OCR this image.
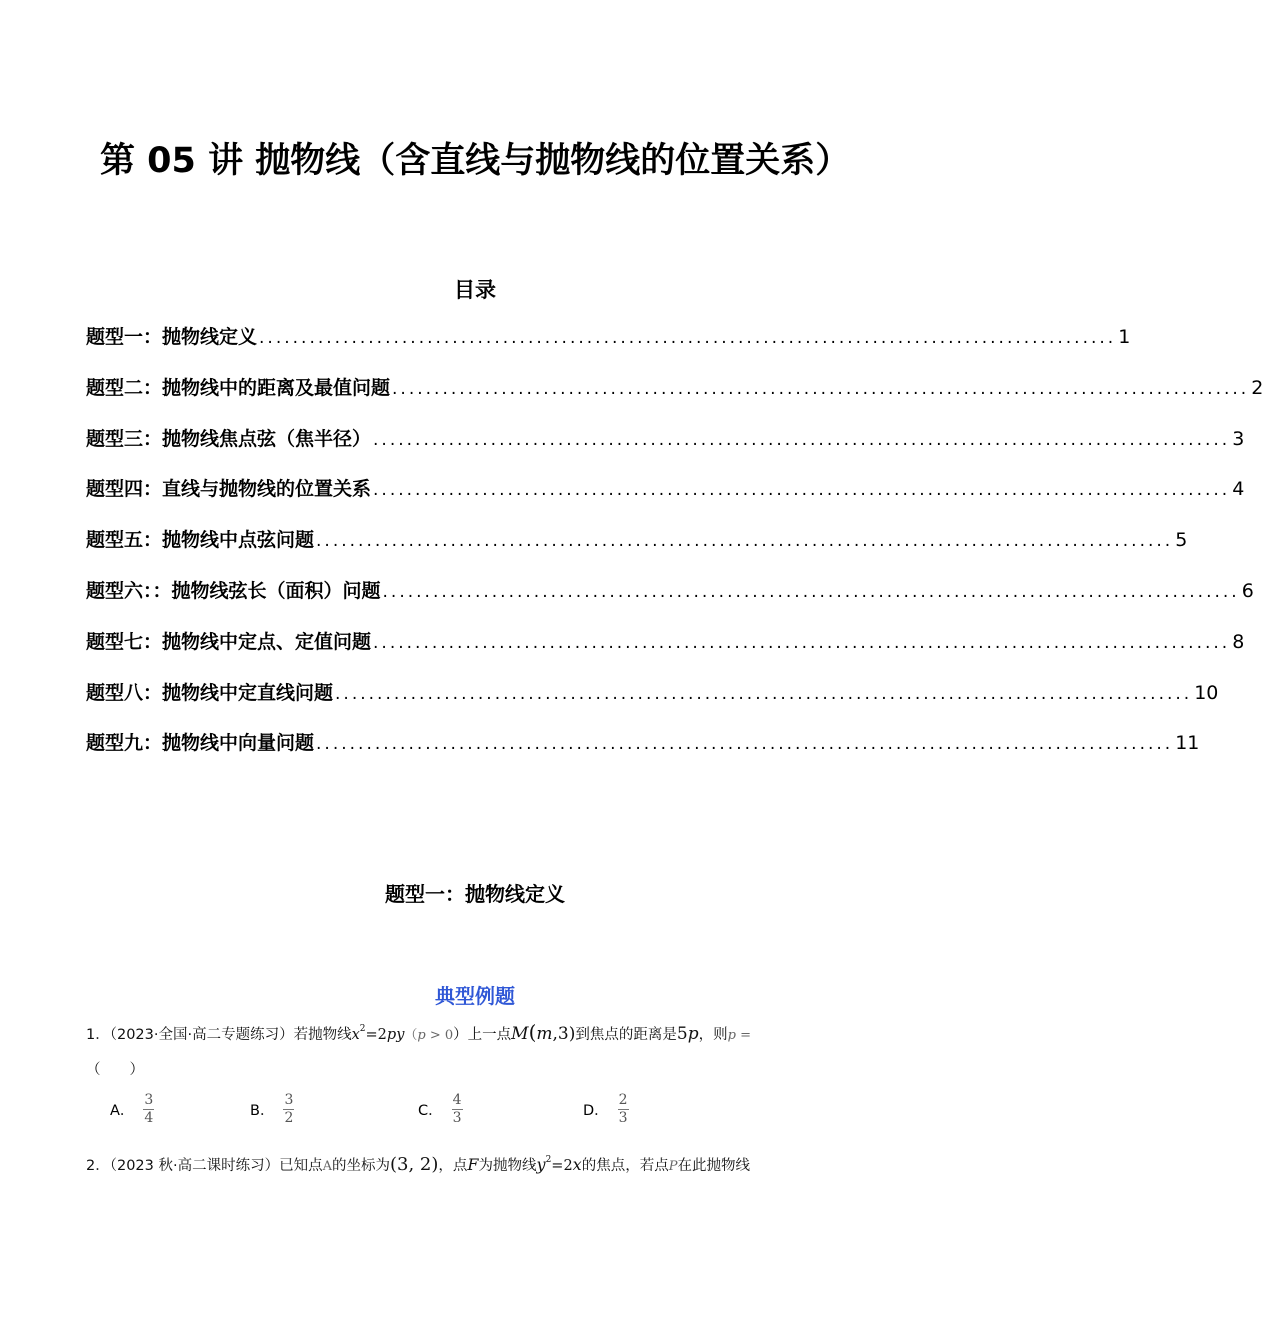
第 05 讲 抛物线（含直线与抛物线的位置关系）
目录
题型一：抛物线定义 ...................................................................................................... 1
题型二：抛物线中的距离及最值问题 ...................................................................................................... 2
题型三：抛物线焦点弦（焦半径） ...................................................................................................... 3
题型四：直线与抛物线的位置关系 ...................................................................................................... 4
题型五：抛物线中点弦问题 ...................................................................................................... 5
题型六：：抛物线弦长（面积）问题 ...................................................................................................... 6
题型七：抛物线中定点、定值问题 ...................................................................................................... 8
题型八：抛物线中定直线问题 ...................................................................................................... 10
题型九：抛物线中向量问题 ...................................................................................................... 11
题型一：抛物线定义
典型例题
1．（2023·全国·高二专题练习）若抛物线$x^2=2py(p > 0)$上一点M(m,3)到焦点的距离是5p，则p =
（　　）
A． $\frac{3}{4}$	B． $\frac{3}{2}$	C． $\frac{4}{3}$	D． $\frac{2}{3}$
2．（2023 秋·高二课时练习）已知点A的坐标为(3, 2)，点F为抛物线$y^2=2x$的焦点，若点P在此抛物线
